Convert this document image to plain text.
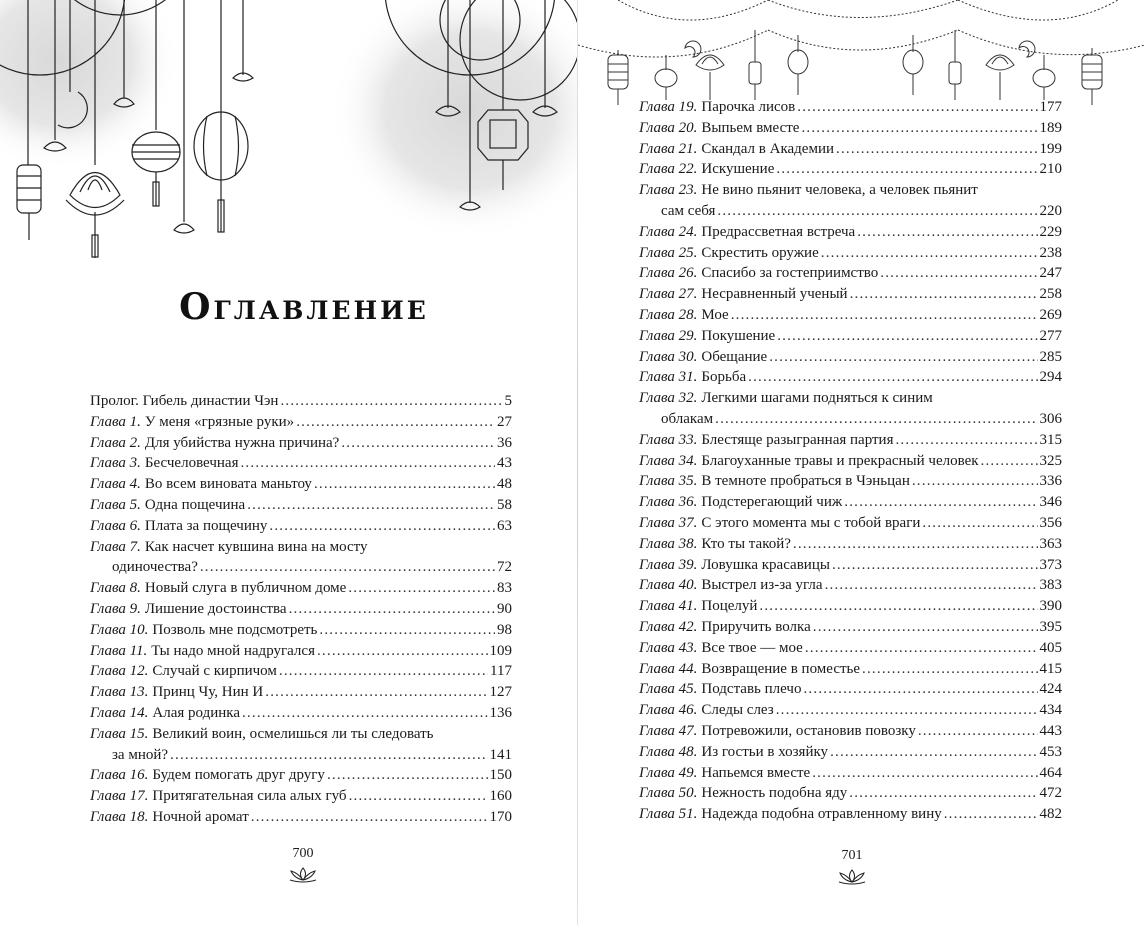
Оглавление
Пролог. Гибель династии Чэн .....	5
Глава 1. У меня «грязные руки» .....	27
Глава 2. Для убийства нужна причина? .....	36
Глава 3. Бесчеловечная .....	43
Глава 4. Во всем виновата маньтоу .....	48
Глава 5. Одна пощечина .....	58
Глава 6. Плата за пощечину .....	63
Глава 7. Как насчет кувшина вина на мосту
одиночества? .....	72
Глава 8. Новый слуга в публичном доме .....	83
Глава 9. Лишение достоинства .....	90
Глава 10. Позволь мне подсмотреть .....	98
Глава 11. Ты надо мной надругался .....	109
Глава 12. Случай с кирпичом .....	117
Глава 13. Принц Чу, Нин И .....	127
Глава 14. Алая родинка .....	136
Глава 15. Великий воин, осмелишься ли ты следовать
за мной? .....	141
Глава 16. Будем помогать друг другу .....	150
Глава 17. Притягательная сила алых губ .....	160
Глава 18. Ночной аромат .....	170
700
Глава 19. Парочка лисов .....	177
Глава 20. Выпьем вместе .....	189
Глава 21. Скандал в Академии .....	199
Глава 22. Искушение .....	210
Глава 23. Не вино пьянит человека, а человек пьянит
сам себя .....	220
Глава 24. Предрассветная встреча .....	229
Глава 25. Скрестить оружие .....	238
Глава 26. Спасибо за гостеприимство .....	247
Глава 27. Несравненный ученый .....	258
Глава 28. Мое .....	269
Глава 29. Покушение .....	277
Глава 30. Обещание .....	285
Глава 31. Борьба .....	294
Глава 32. Легкими шагами подняться к синим
облакам .....	306
Глава 33. Блестяще разыгранная партия .....	315
Глава 34. Благоуханные травы и прекрасный человек .....	325
Глава 35. В темноте пробраться в Чэньцан .....	336
Глава 36. Подстерегающий чиж .....	346
Глава 37. С этого момента мы с тобой враги .....	356
Глава 38. Кто ты такой? .....	363
Глава 39. Ловушка красавицы .....	373
Глава 40. Выстрел из-за угла .....	383
Глава 41. Поцелуй .....	390
Глава 42. Приручить волка .....	395
Глава 43. Все твое — мое .....	405
Глава 44. Возвращение в поместье .....	415
Глава 45. Подставь плечо .....	424
Глава 46. Следы слез .....	434
Глава 47. Потревожили, остановив повозку .....	443
Глава 48. Из гостьи в хозяйку .....	453
Глава 49. Напьемся вместе .....	464
Глава 50. Нежность подобна яду .....	472
Глава 51. Надежда подобна отравленному вину .....	482
701
